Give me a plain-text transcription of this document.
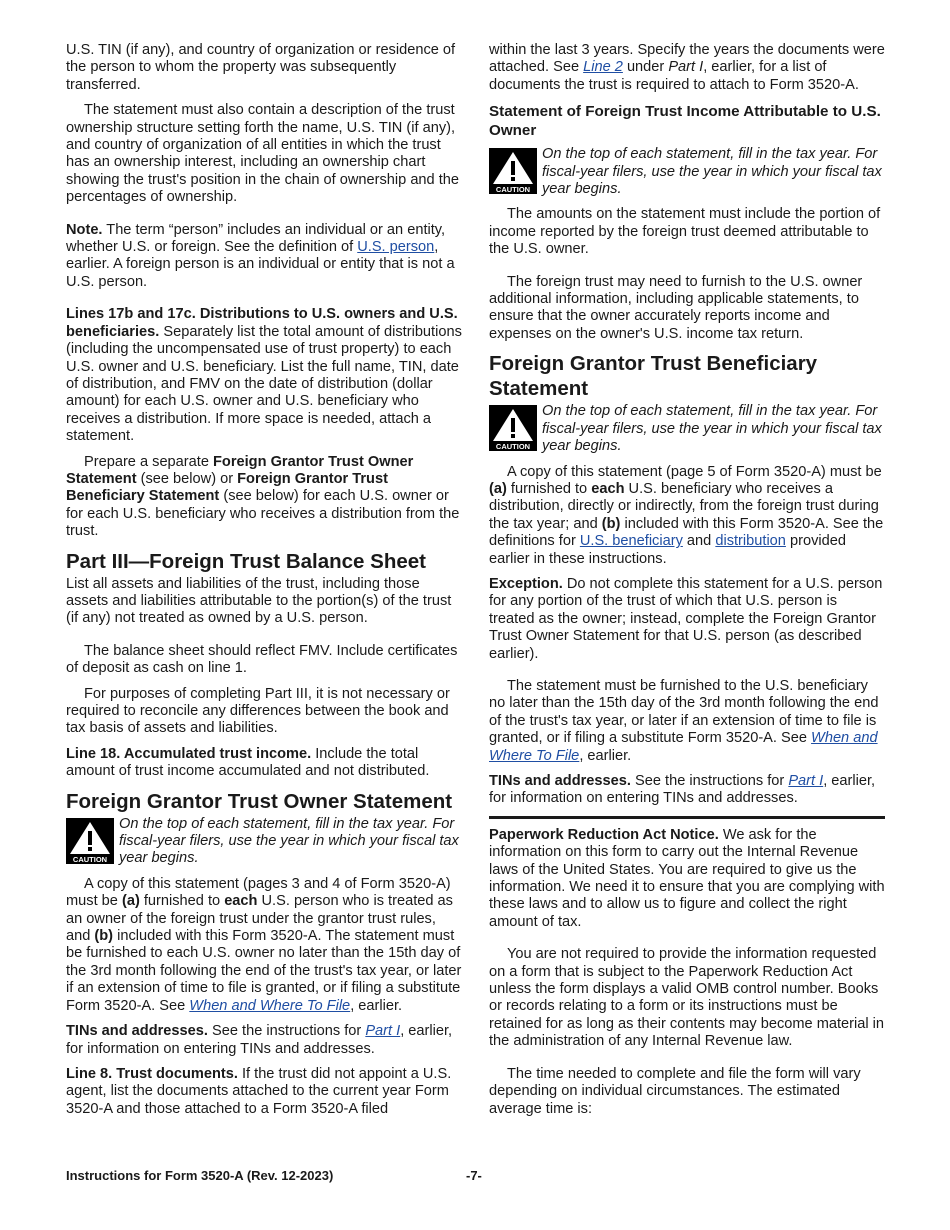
U.S. TIN (if any), and country of organization or residence of the person to whom the property was subsequently transferred.

The statement must also contain a description of the trust ownership structure setting forth the name, U.S. TIN (if any), and country of organization of all entities in which the trust has an ownership interest, including an ownership chart showing the trust's position in the chain of ownership and the percentages of ownership.

Note. The term “person” includes an individual or an entity, whether U.S. or foreign. See the definition of U.S. person, earlier. A foreign person is an individual or entity that is not a U.S. person.

Lines 17b and 17c. Distributions to U.S. owners and U.S. beneficiaries. Separately list the total amount of distributions (including the uncompensated use of trust property) to each U.S. owner and U.S. beneficiary. List the full name, TIN, date of distribution, and FMV on the date of distribution (dollar amount) for each U.S. owner and U.S. beneficiary who receives a distribution. If more space is needed, attach a statement.

Prepare a separate Foreign Grantor Trust Owner Statement (see below) or Foreign Grantor Trust Beneficiary Statement (see below) for each U.S. owner or for each U.S. beneficiary who receives a distribution from the trust.

Part III—Foreign Trust Balance Sheet

List all assets and liabilities of the trust, including those assets and liabilities attributable to the portion(s) of the trust (if any) not treated as owned by a U.S. person.

The balance sheet should reflect FMV. Include certificates of deposit as cash on line 1.

For purposes of completing Part III, it is not necessary or required to reconcile any differences between the book and tax basis of assets and liabilities.

Line 18. Accumulated trust income. Include the total amount of trust income accumulated and not distributed.

Foreign Grantor Trust Owner Statement
CAUTION
On the top of each statement, fill in the tax year. For fiscal-year filers, use the year in which your fiscal tax year begins.

A copy of this statement (pages 3 and 4 of Form 3520-A) must be (a) furnished to each U.S. person who is treated as an owner of the foreign trust under the grantor trust rules, and (b) included with this Form 3520-A. The statement must be furnished to each U.S. owner no later than the 15th day of the 3rd month following the end of the trust's tax year, or later if an extension of time to file is granted, or if filing a substitute Form 3520-A. See When and Where To File, earlier.

TINs and addresses. See the instructions for Part I, earlier, for information on entering TINs and addresses.

Line 8. Trust documents. If the trust did not appoint a U.S. agent, list the documents attached to the current year Form 3520-A and those attached to a Form 3520-A filed

within the last 3 years. Specify the years the documents were attached. See Line 2 under Part I, earlier, for a list of documents the trust is required to attach to Form 3520-A.

Statement of Foreign Trust Income Attributable to U.S. Owner
CAUTION
On the top of each statement, fill in the tax year. For fiscal-year filers, use the year in which your fiscal tax year begins.

The amounts on the statement must include the portion of income reported by the foreign trust deemed attributable to the U.S. owner.

The foreign trust may need to furnish to the U.S. owner additional information, including applicable statements, to ensure that the owner accurately reports income and expenses on the owner's U.S. income tax return.

Foreign Grantor Trust Beneficiary Statement
CAUTION
On the top of each statement, fill in the tax year. For fiscal-year filers, use the year in which your fiscal tax year begins.

A copy of this statement (page 5 of Form 3520-A) must be (a) furnished to each U.S. beneficiary who receives a distribution, directly or indirectly, from the foreign trust during the tax year; and (b) included with this Form 3520-A. See the definitions for U.S. beneficiary and distribution provided earlier in these instructions.

Exception. Do not complete this statement for a U.S. person for any portion of the trust of which that U.S. person is treated as the owner; instead, complete the Foreign Grantor Trust Owner Statement for that U.S. person (as described earlier).

The statement must be furnished to the U.S. beneficiary no later than the 15th day of the 3rd month following the end of the trust's tax year, or later if an extension of time to file is granted, or if filing a substitute Form 3520-A. See When and Where To File, earlier.

TINs and addresses. See the instructions for Part I, earlier, for information on entering TINs and addresses.

Paperwork Reduction Act Notice. We ask for the information on this form to carry out the Internal Revenue laws of the United States. You are required to give us the information. We need it to ensure that you are complying with these laws and to allow us to figure and collect the right amount of tax.

You are not required to provide the information requested on a form that is subject to the Paperwork Reduction Act unless the form displays a valid OMB control number. Books or records relating to a form or its instructions must be retained for as long as their contents may become material in the administration of any Internal Revenue law.

The time needed to complete and file the form will vary depending on individual circumstances. The estimated average time is:

Instructions for Form 3520-A (Rev. 12-2023)	-7-
